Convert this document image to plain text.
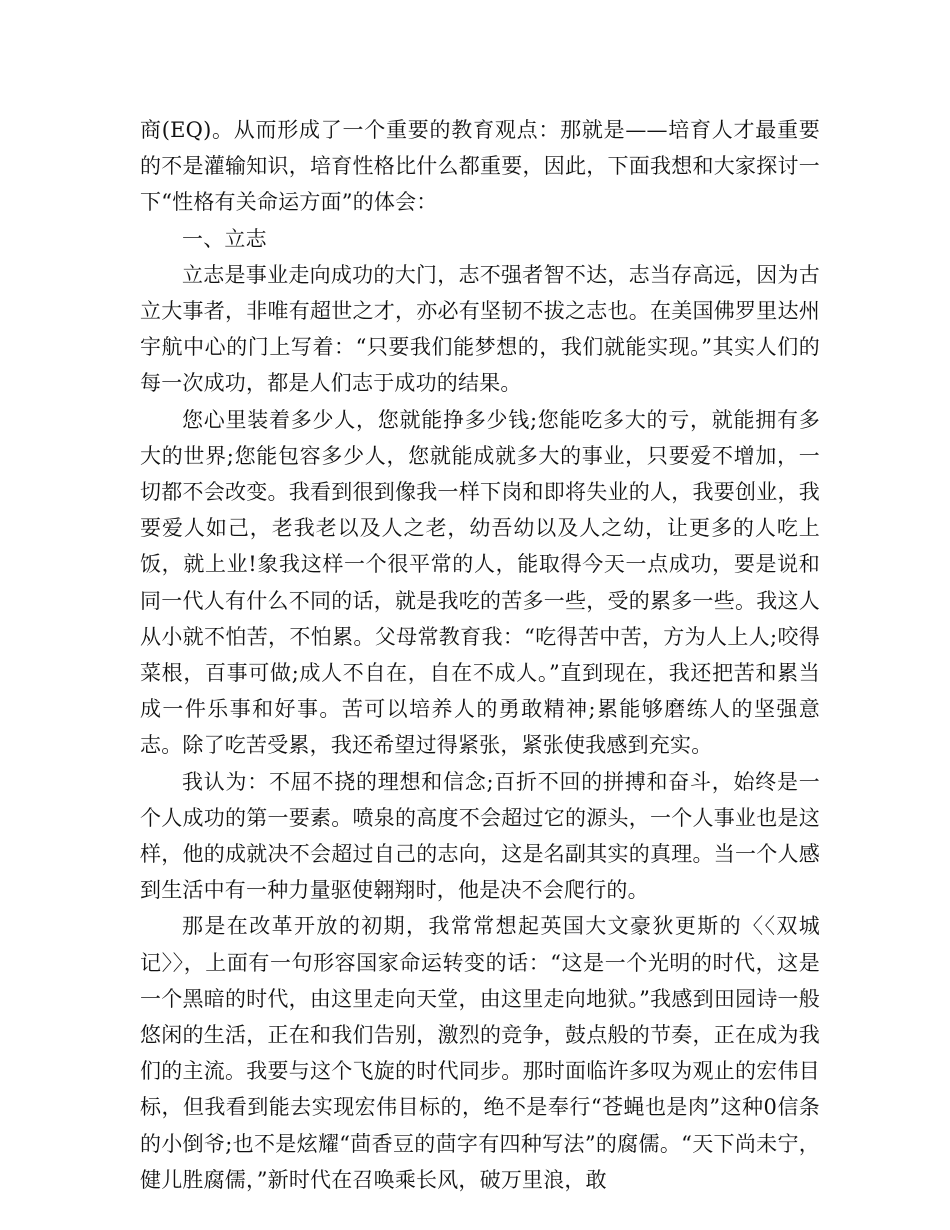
商(EQ)。从而形成了一个重要的教育观点：那就是——培育人才最重要的不是灌输知识，培育性格比什么都重要，因此，下面我想和大家探讨一下“性格有关命运方面”的体会：

一、立志

立志是事业走向成功的大门，志不强者智不达，志当存高远，因为古立大事者，非唯有超世之才，亦必有坚韧不拔之志也。在美国佛罗里达州宇航中心的门上写着：“只要我们能梦想的，我们就能实现。”其实人们的每一次成功，都是人们志于成功的结果。

您心里装着多少人，您就能挣多少钱;您能吃多大的亏，就能拥有多大的世界;您能包容多少人，您就能成就多大的事业，只要爱不增加，一切都不会改变。我看到很到像我一样下岗和即将失业的人，我要创业，我要爱人如己，老我老以及人之老，幼吾幼以及人之幼，让更多的人吃上饭，就上业!象我这样一个很平常的人，能取得今天一点成功，要是说和同一代人有什么不同的话，就是我吃的苦多一些，受的累多一些。我这人从小就不怕苦，不怕累。父母常教育我：“吃得苦中苦，方为人上人;咬得菜根，百事可做;成人不自在，自在不成人。”直到现在，我还把苦和累当成一件乐事和好事。苦可以培养人的勇敢精神;累能够磨练人的坚强意志。除了吃苦受累，我还希望过得紧张，紧张使我感到充实。

我认为：不屈不挠的理想和信念;百折不回的拼搏和奋斗，始终是一个人成功的第一要素。喷泉的高度不会超过它的源头，一个人事业也是这样，他的成就决不会超过自己的志向，这是名副其实的真理。当一个人感到生活中有一种力量驱使翱翔时，他是决不会爬行的。

那是在改革开放的初期，我常常想起英国大文豪狄更斯的〈〈双城记〉〉，上面有一句形容国家命运转变的话：“这是一个光明的时代，这是一个黑暗的时代，由这里走向天堂，由这里走向地狱。”我感到田园诗一般悠闲的生活，正在和我们告别，激烈的竞争，鼓点般的节奏，正在成为我们的主流。我要与这个飞旋的时代同步。那时面临许多叹为观止的宏伟目标，但我看到能去实现宏伟目标的，绝不是奉行“苍蝇也是肉”这种0信条的小倒爷;也不是炫耀“茴香豆的茴字有四种写法”的腐儒。“天下尚未宁，健儿胜腐儒，”新时代在召唤乘长风，破万里浪，敢
